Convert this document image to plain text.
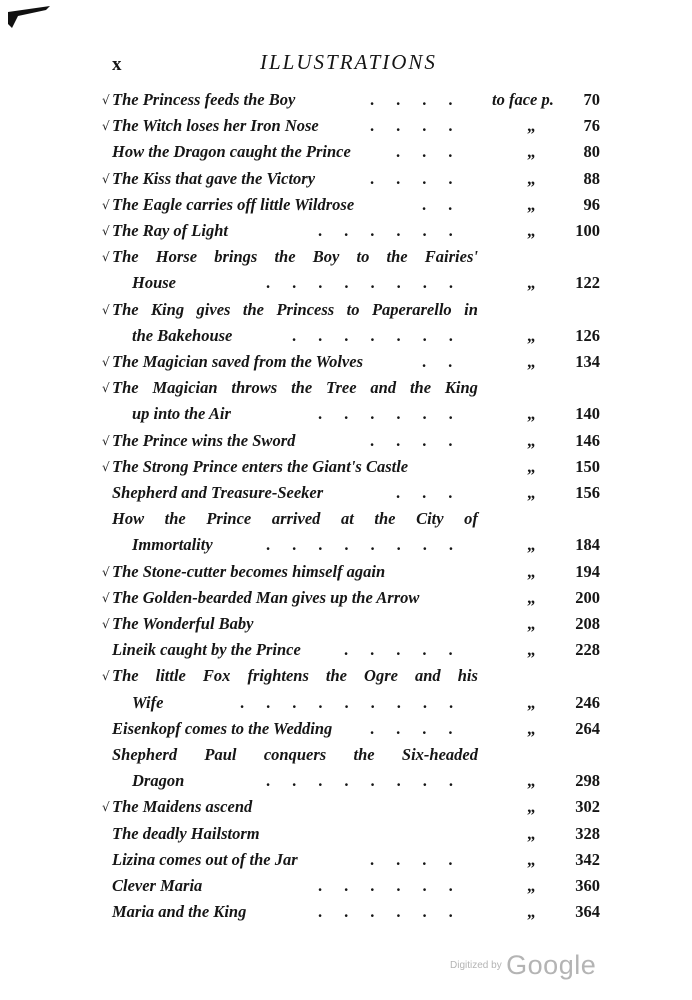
x	ILLUSTRATIONS
√ The Princess feeds the Boy	.... to face p. 70
√ The Witch loses her Iron Nose	....	„	76
How the Dragon caught the Prince	...	„	80
√ The Kiss that gave the Victory	....	„	88
√ The Eagle carries off little Wildrose	..	„	96
√ The Ray of Light	......	„ 100
√ The Horse brings the Boy to the Fairies'
House	........	„ 122
√ The King gives the Princess to Paperarello in
the Bakehouse	.......	„ 126
√ The Magician saved from the Wolves	..	„ 134
√ The Magician throws the Tree and the King
up into the Air	......	„ 140
√ The Prince wins the Sword	....	„ 146
√ The Strong Prince enters the Giant's Castle	„ 150
Shepherd and Treasure-Seeker	...	„ 156
How the Prince arrived at the City of
Immortality	........	„ 184
√ The Stone-cutter becomes himself again	„ 194
√ The Golden-bearded Man gives up the Arrow	„ 200
√ The Wonderful Baby	„ 208
Lineik caught by the Prince	.....	„ 228
√ The little Fox frightens the Ogre and his
Wife	.........	„ 246
Eisenkopf comes to the Wedding ....	„ 264
Shepherd Paul conquers the Six-headed
Dragon	........	„ 298
√ The Maidens ascend	„ 302
The deadly Hailstorm	„ 328
Lizina comes out of the Jar	....	„ 342
Clever Maria	......	„ 360
Maria and the King	......	„ 364
Digitized by Google
